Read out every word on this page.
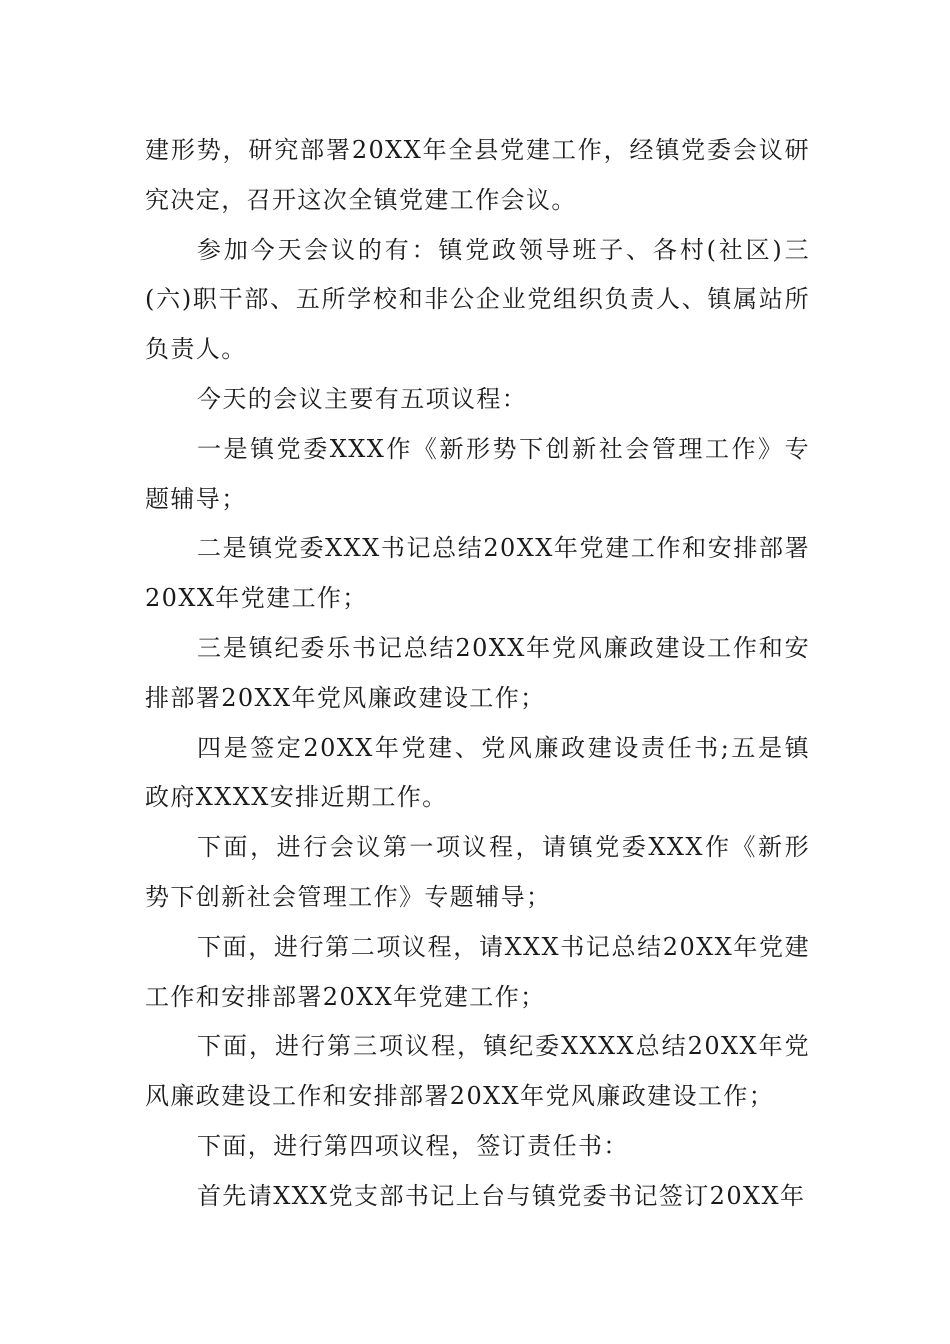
建形势，研究部署20XX年全县党建工作，经镇党委会议研究决定，召开这次全镇党建工作会议。

参加今天会议的有：镇党政领导班子、各村(社区)三(六)职干部、五所学校和非公企业党组织负责人、镇属站所负责人。

今天的会议主要有五项议程：

一是镇党委XXX作《新形势下创新社会管理工作》专题辅导；

二是镇党委XXX书记总结20XX年党建工作和安排部署20XX年党建工作；

三是镇纪委乐书记总结20XX年党风廉政建设工作和安排部署20XX年党风廉政建设工作；

四是签定20XX年党建、党风廉政建设责任书;五是镇政府XXXX安排近期工作。

下面，进行会议第一项议程，请镇党委XXX作《新形势下创新社会管理工作》专题辅导；

下面，进行第二项议程，请XXX书记总结20XX年党建工作和安排部署20XX年党建工作；

下面，进行第三项议程，镇纪委XXXX总结20XX年党风廉政建设工作和安排部署20XX年党风廉政建设工作；

下面，进行第四项议程，签订责任书：

首先请XXX党支部书记上台与镇党委书记签订20XX年
